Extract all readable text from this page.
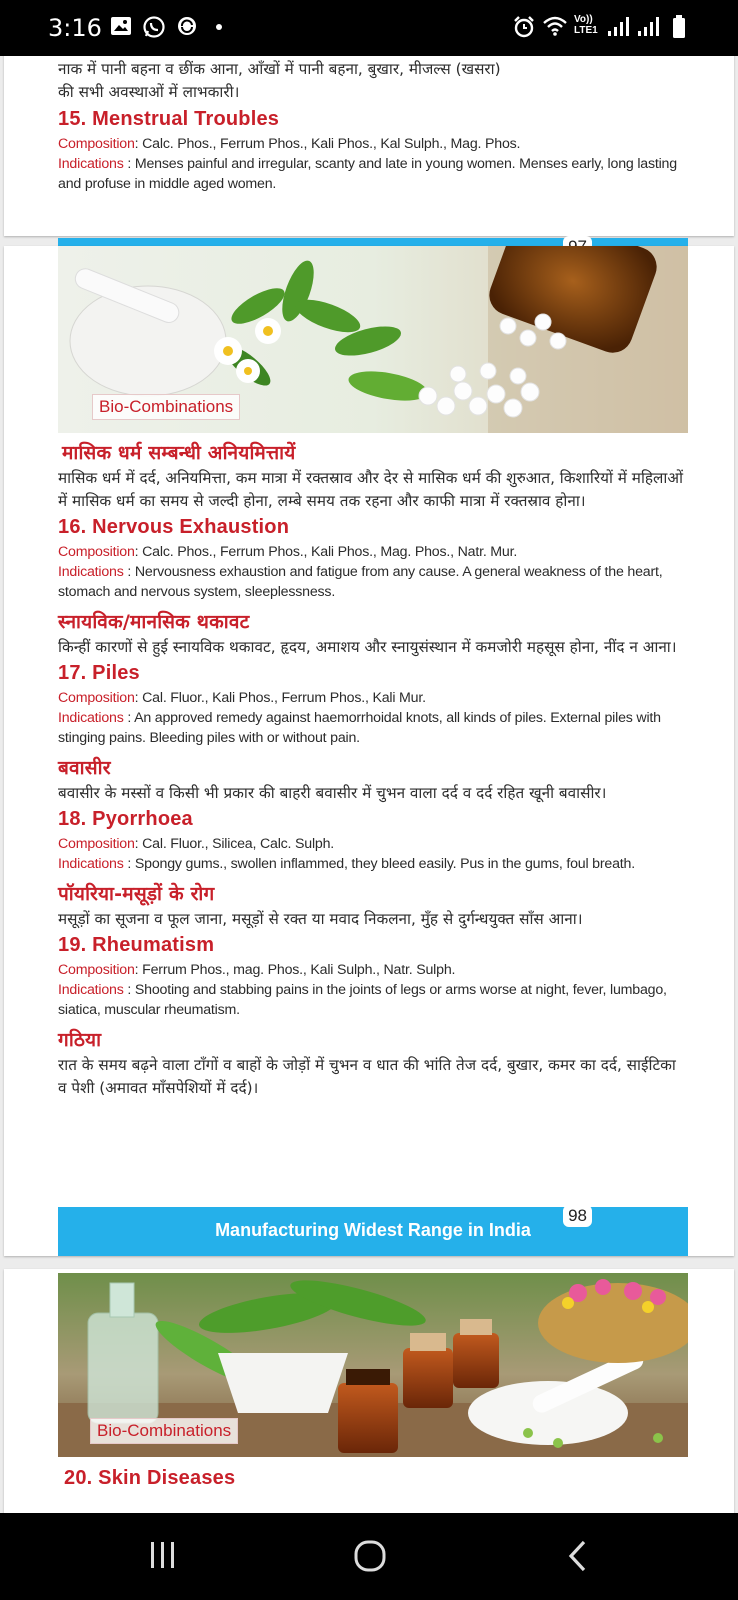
3:16	Vo)) LTE1
नाक में पानी बहना व छींक आना, आँखों में पानी बहना, बुखार, मीजल्स (खसरा)
की सभी अवस्थाओं में लाभकारी।
15. Menstrual Troubles
Composition: Calc. Phos., Ferrum Phos., Kali Phos., Kal Sulph., Mag. Phos.
Indications : Menses painful and irregular, scanty and late in young women. Menses early, long lasting and profuse in middle aged women.
Bio-Combinations
मासिक धर्म सम्बन्धी अनियमित्तायें
मासिक धर्म में दर्द, अनियमित्ता, कम मात्रा में रक्तस्राव और देर से मासिक धर्म की शुरुआत, किशारियों में महिलाओं में मासिक धर्म का समय से जल्दी होना, लम्बे समय तक रहना और काफी मात्रा में रक्तस्राव होना।
16. Nervous Exhaustion
Composition: Calc. Phos., Ferrum Phos., Kali Phos., Mag. Phos., Natr. Mur.
Indications : Nervousness exhaustion and fatigue from any cause. A general weakness of the heart, stomach and nervous system, sleeplessness.
स्नायविक/मानसिक थकावट
किन्हीं कारणों से हुई स्नायविक थकावट, हृदय, अमाशय और स्नायुसंस्थान में कमजोरी महसूस होना, नींद न आना।
17. Piles
Composition: Cal. Fluor., Kali Phos., Ferrum Phos., Kali Mur.
Indications : An approved remedy against haemorrhoidal knots, all kinds of piles. External piles with stinging pains. Bleeding piles with or without pain.
बवासीर
बवासीर के मस्सों व किसी भी प्रकार की बाहरी बवासीर में चुभन वाला दर्द व दर्द रहित खूनी बवासीर।
18. Pyorrhoea
Composition: Cal. Fluor., Silicea, Calc. Sulph.
Indications : Spongy gums., swollen inflammed, they bleed easily. Pus in the gums, foul breath.
पॉयरिया-मसूड़ों के रोग
मसूड़ों का सूजना व फूल जाना, मसूड़ों से रक्त या मवाद निकलना, मुँह से दुर्गन्धयुक्त साँस आना।
19. Rheumatism
Composition: Ferrum Phos., mag. Phos., Kali Sulph., Natr. Sulph.
Indications : Shooting and stabbing pains in the joints of legs or arms worse at night, fever, lumbago, siatica, muscular rheumatism.
गठिया
रात के समय बढ़ने वाला टाँगों व बाहों के जोड़ों में चुभन व धात की भांति तेज दर्द, बुखार, कमर का दर्द, साईटिका व पेशी (अमावत माँसपेशियों में दर्द)।
Manufacturing Widest Range in India
98
Bio-Combinations
20. Skin Diseases
